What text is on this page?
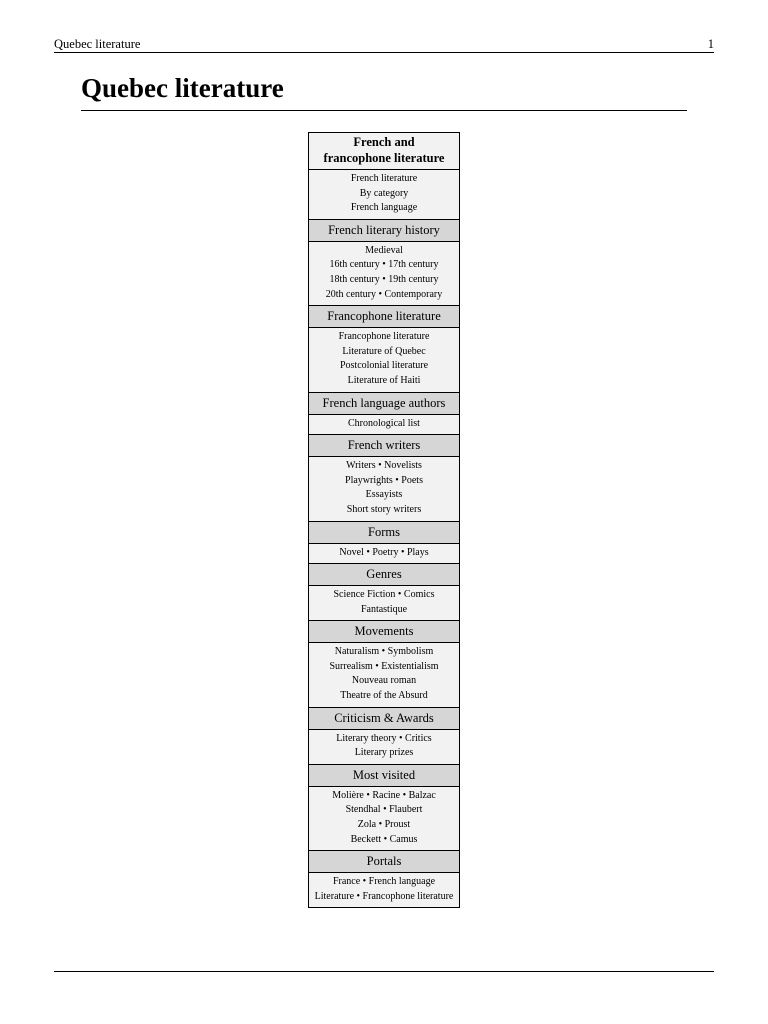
Quebec literature	1
Quebec literature
French and
francophone literature
French literature
By category
French language
French literary history
Medieval
16th century • 17th century
18th century • 19th century
20th century • Contemporary
Francophone literature
Francophone literature
Literature of Quebec
Postcolonial literature
Literature of Haiti
French language authors
Chronological list
French writers
Writers • Novelists
Playwrights • Poets
Essayists
Short story writers
Forms
Novel • Poetry • Plays
Genres
Science Fiction • Comics
Fantastique
Movements
Naturalism • Symbolism
Surrealism • Existentialism
Nouveau roman
Theatre of the Absurd
Criticism & Awards
Literary theory • Critics
Literary prizes
Most visited
Molière • Racine • Balzac
Stendhal • Flaubert
Zola • Proust
Beckett • Camus
Portals
France • French language
Literature • Francophone literature
